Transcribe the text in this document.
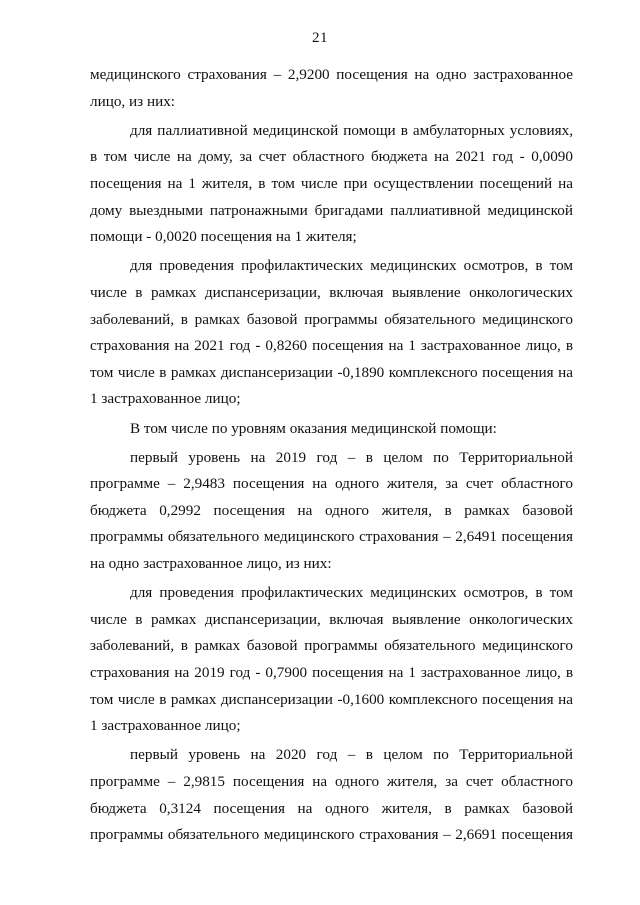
21
медицинского страхования – 2,9200 посещения на одно застрахованное
лицо, из них:
для паллиативной медицинской помощи в амбулаторных условиях,
в том числе на дому, за счет областного бюджета на 2021 год - 0,0090
посещения на 1 жителя, в том числе при осуществлении посещений на
дому выездными патронажными бригадами паллиативной медицинской
помощи - 0,0020 посещения на 1 жителя;
для проведения профилактических медицинских осмотров, в том
числе в рамках диспансеризации, включая выявление онкологических
заболеваний, в рамках базовой программы обязательного медицинского
страхования на 2021 год - 0,8260 посещения на 1 застрахованное лицо, в
том числе в рамках диспансеризации -0,1890 комплексного посещения на
1 застрахованное лицо;
В том числе по уровням оказания медицинской помощи:
первый уровень на 2019 год – в целом по Территориальной
программе – 2,9483 посещения на одного жителя, за счет областного
бюджета 0,2992 посещения на одного жителя, в рамках базовой
программы обязательного медицинского страхования – 2,6491 посещения
на одно застрахованное лицо, из них:
для проведения профилактических медицинских осмотров, в том
числе в рамках диспансеризации, включая выявление онкологических
заболеваний, в рамках базовой программы обязательного медицинского
страхования на 2019 год - 0,7900 посещения на 1 застрахованное лицо, в
том числе в рамках диспансеризации -0,1600 комплексного посещения на
1 застрахованное лицо;
первый уровень на 2020 год – в целом по Территориальной
программе – 2,9815 посещения на одного жителя, за счет областного
бюджета 0,3124 посещения на одного жителя, в рамках базовой
программы обязательного медицинского страхования – 2,6691 посещения
